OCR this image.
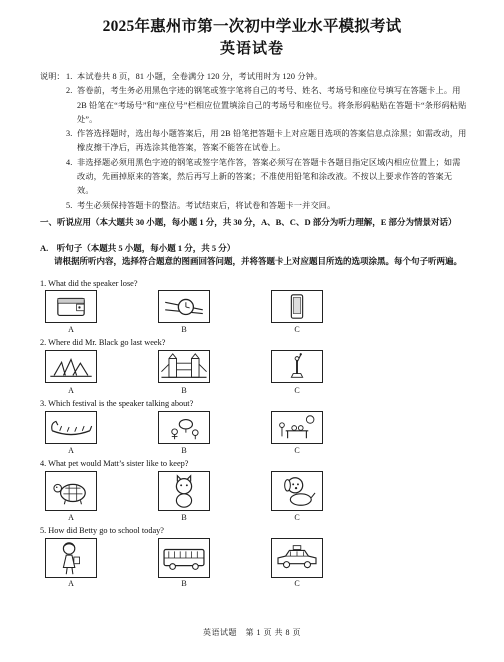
2025年惠州市第一次初中学业水平模拟考试
英语试卷
说明： 1. 本试卷共 8 页，81 小题，全卷满分 120 分，考试用时为 120 分钟。
2. 答卷前，考生务必用黑色字迹的钢笔或签字笔将自己的考号、姓名、考场号和座位号填写在答题卡上。用 2B 铅笔在“考场号”和“座位号”栏相应位置填涂自己的考场号和座位号。将条形码粘贴在答题卡“条形码粘贴处”。
3. 作答选择题时，选出每小题答案后，用 2B 铅笔把答题卡上对应题目选项的答案信息点涂黑；如需改动，用橡皮擦干净后，再选涂其他答案，答案不能答在试卷上。
4. 非选择题必须用黑色字迹的钢笔或签字笔作答，答案必须写在答题卡各题目指定区域内相应位置上；如需改动，先画掉原来的答案，然后再写上新的答案；不准使用铅笔和涂改液。不按以上要求作答的答案无效。
5. 考生必须保持答题卡的整洁。考试结束后，将试卷和答题卡一并交回。
一、听说应用（本大题共 30 小题，每小题 1 分，共 30 分，A、B、C、D 部分为听力理解，E 部分为情景对话）
A.　听句子（本题共 5 小题，每小题 1 分，共 5 分）
请根据所听内容，选择符合题意的图画回答问题，并将答题卡上对应题目所选的选项涂黑。每个句子听两遍。
1. What did the speaker lose?
A	B	C
2. Where did Mr. Black go last week?
A	B	C
3. Which festival is the speaker talking about?
A	B	C
4. What pet would Matt’s sister like to keep?
A	B	C
5. How did Betty go to school today?
A	B	C
英语试题　第 1 页 共 8 页
